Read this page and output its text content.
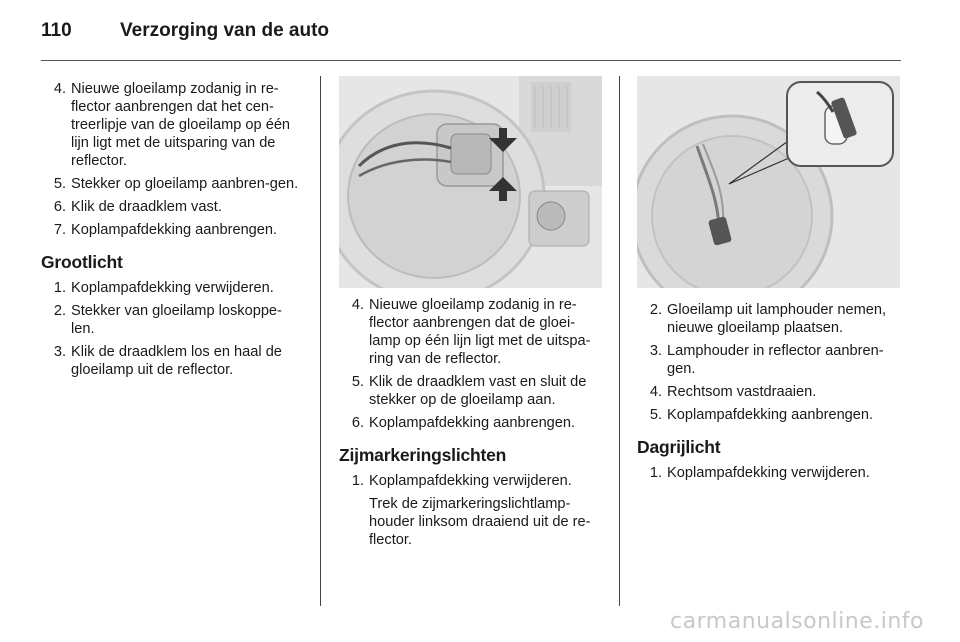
110	Verzorging van de auto
4. Nieuwe gloeilamp zodanig in re-flector aanbrengen dat het cen-treerlipje van de gloeilamp op één lijn ligt met de uitsparing van de reflector.
5. Stekker op gloeilamp aanbren-gen.
6. Klik de draadklem vast.
7. Koplampafdekking aanbrengen.
Grootlicht
1. Koplampafdekking verwijderen.
2. Stekker van gloeilamp loskoppe-len.
3. Klik de draadklem los en haal de gloeilamp uit de reflector.
4. Nieuwe gloeilamp zodanig in re-flector aanbrengen dat de gloei-lamp op één lijn ligt met de uitspa-ring van de reflector.
5. Klik de draadklem vast en sluit de stekker op de gloeilamp aan.
6. Koplampafdekking aanbrengen.
Zijmarkeringslichten
1. Koplampafdekking verwijderen.
Trek de zijmarkeringslichtlamp-houder linksom draaiend uit de re-flector.
2. Gloeilamp uit lamphouder nemen, nieuwe gloeilamp plaatsen.
3. Lamphouder in reflector aanbren-gen.
4. Rechtsom vastdraaien.
5. Koplampafdekking aanbrengen.
Dagrijlicht
1. Koplampafdekking verwijderen.
carmanualsonline.info
